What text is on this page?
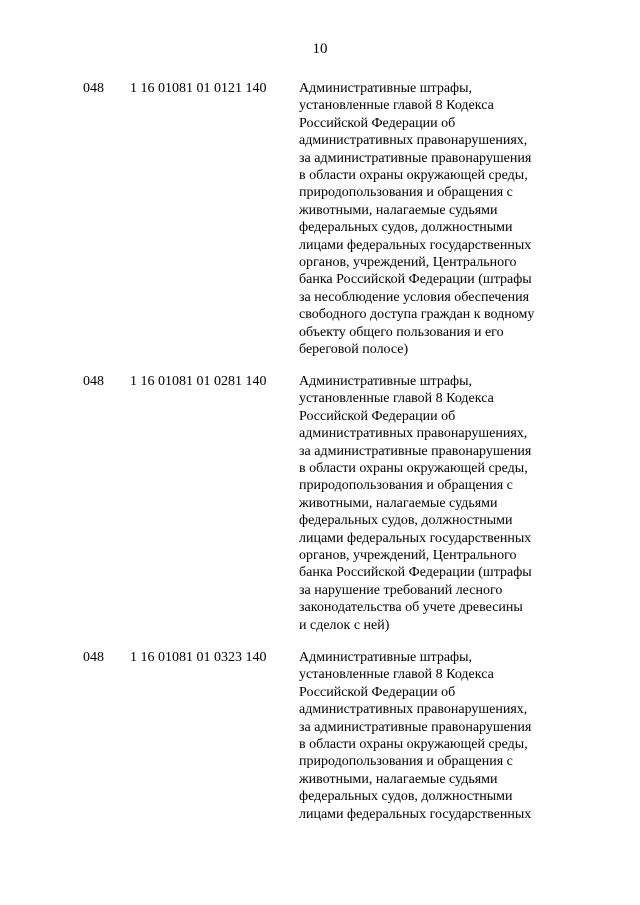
10
048 1 16 01081 01 0121 140 Административные штрафы,
установленные главой 8 Кодекса
Российской Федерации об
административных правонарушениях,
за административные правонарушения
в области охраны окружающей среды,
природопользования и обращения с
животными, налагаемые судьями
федеральных судов, должностными
лицами федеральных государственных
органов, учреждений, Центрального
банка Российской Федерации (штрафы
за несоблюдение условия обеспечения
свободного доступа граждан к водному
объекту общего пользования и его
береговой полосе)
048 1 16 01081 01 0281 140 Административные штрафы,
установленные главой 8 Кодекса
Российской Федерации об
административных правонарушениях,
за административные правонарушения
в области охраны окружающей среды,
природопользования и обращения с
животными, налагаемые судьями
федеральных судов, должностными
лицами федеральных государственных
органов, учреждений, Центрального
банка Российской Федерации (штрафы
за нарушение требований лесного
законодательства об учете древесины
и сделок с ней)
048 1 16 01081 01 0323 140 Административные штрафы,
установленные главой 8 Кодекса
Российской Федерации об
административных правонарушениях,
за административные правонарушения
в области охраны окружающей среды,
природопользования и обращения с
животными, налагаемые судьями
федеральных судов, должностными
лицами федеральных государственных
